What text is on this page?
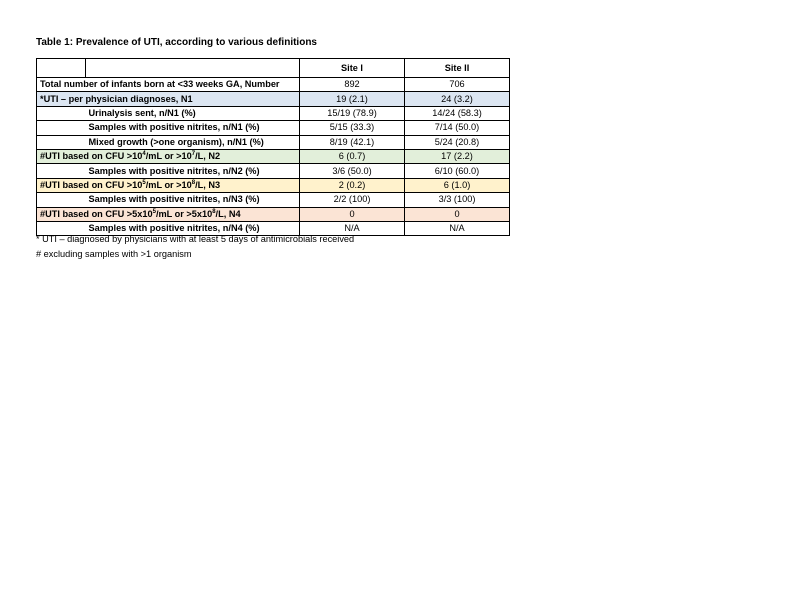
Table 1: Prevalence of UTI, according to various definitions
		Site I	Site II
Total number of infants born at <33 weeks GA, Number		892	706
*UTI – per physician diagnoses, N1		19 (2.1)	24 (3.2)
	Urinalysis sent, n/N1 (%)	15/19 (78.9)	14/24 (58.3)
	Samples with positive nitrites, n/N1 (%)	5/15 (33.3)	7/14 (50.0)
	Mixed growth (>one organism), n/N1 (%)	8/19 (42.1)	5/24 (20.8)
#UTI based on CFU $>10^4/mL$ or $>10^7/L$, N2		6 (0.7)	17 (2.2)
	Samples with positive nitrites, n/N2 (%)	3/6 (50.0)	6/10 (60.0)
#UTI based on CFU $>10^5/mL$ or $>10^8/L$, N3		2 (0.2)	6 (1.0)
	Samples with positive nitrites, n/N3 (%)	2/2 (100)	3/3 (100)
#UTI based on CFU $>5x10^5/mL$ or $>5x10^8/L$, N4		0	0
	Samples with positive nitrites, n/N4 (%)	N/A	N/A
* UTI – diagnosed by physicians with at least 5 days of antimicrobials received
# excluding samples with >1 organism
